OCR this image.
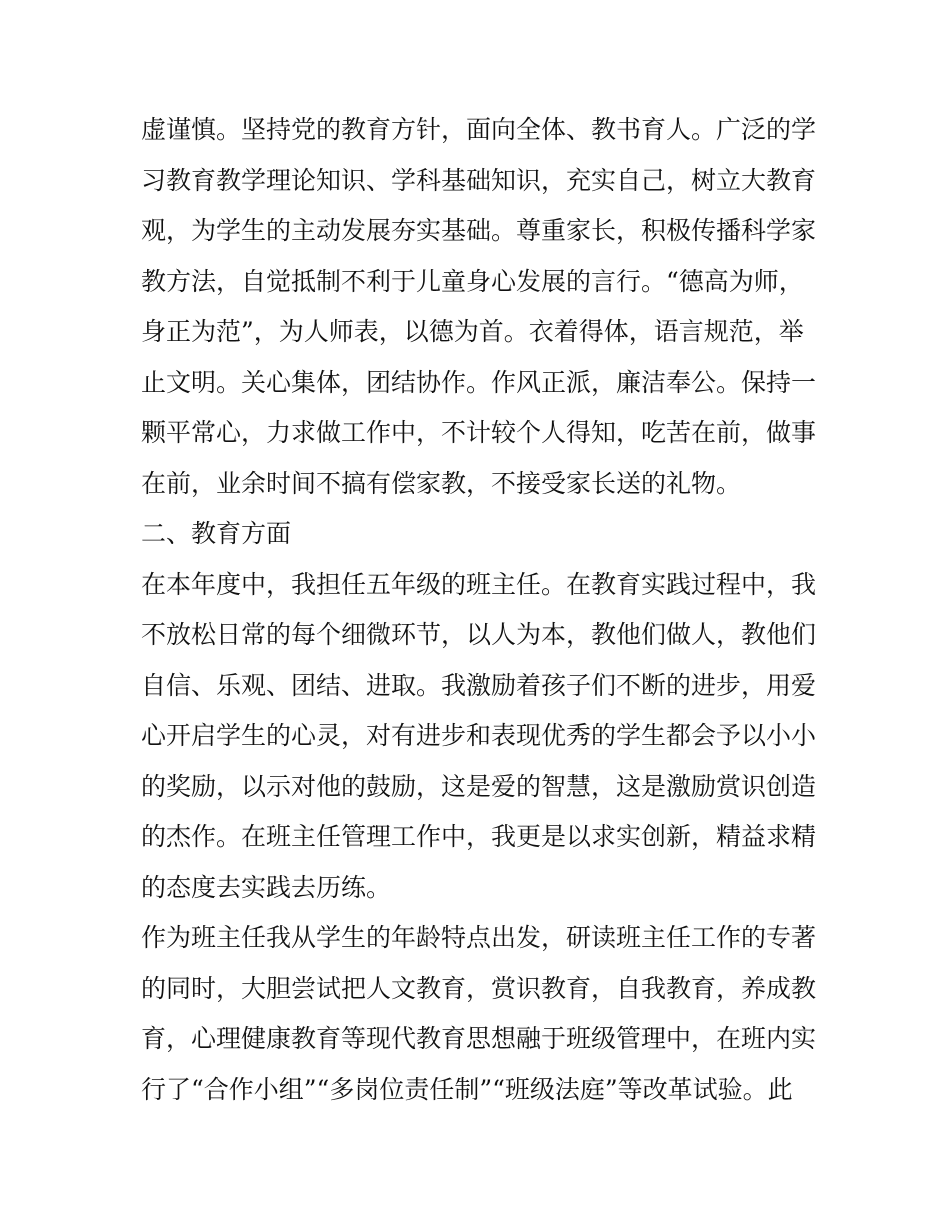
虚谨慎。坚持党的教育方针，面向全体、教书育人。广泛的学
习教育教学理论知识、学科基础知识，充实自己，树立大教育
观，为学生的主动发展夯实基础。尊重家长，积极传播科学家
教方法，自觉抵制不利于儿童身心发展的言行。“德高为师，
身正为范”，为人师表，以德为首。衣着得体，语言规范，举
止文明。关心集体，团结协作。作风正派，廉洁奉公。保持一
颗平常心，力求做工作中，不计较个人得知，吃苦在前，做事
在前，业余时间不搞有偿家教，不接受家长送的礼物。
二、教育方面
在本年度中，我担任五年级的班主任。在教育实践过程中，我
不放松日常的每个细微环节，以人为本，教他们做人，教他们
自信、乐观、团结、进取。我激励着孩子们不断的进步，用爱
心开启学生的心灵，对有进步和表现优秀的学生都会予以小小
的奖励，以示对他的鼓励，这是爱的智慧，这是激励赏识创造
的杰作。在班主任管理工作中，我更是以求实创新，精益求精
的态度去实践去历练。
作为班主任我从学生的年龄特点出发，研读班主任工作的专著
的同时，大胆尝试把人文教育，赏识教育，自我教育，养成教
育，心理健康教育等现代教育思想融于班级管理中，在班内实
行了“合作小组”“多岗位责任制”“班级法庭”等改革试验。此
